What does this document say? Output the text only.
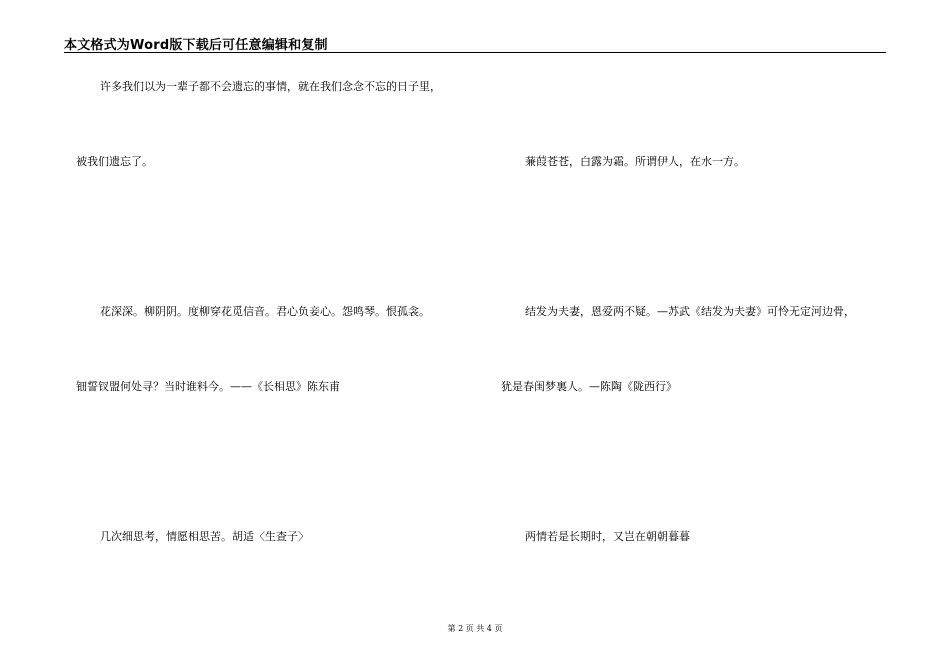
本文格式为Word版下载后可任意编辑和复制
许多我们以为一辈子都不会遗忘的事情，就在我们念念不忘的日子里，
被我们遗忘了。	蒹葭苍苍，白露为霜。所谓伊人，在水一方。
花深深。柳阴阴。度柳穿花觅信音。君心负妾心。怨鸣琴。恨孤衾。	结发为夫妻，恩爱两不疑。—苏武《结发为夫妻》可怜无定河边骨，
钿誓钗盟何处寻？当时谁料今。——《长相思》陈东甫	犹是春闺梦裏人。—陈陶《陇西行》
几次细思考，情愿相思苦。胡适〈生查子〉	两情若是长期时，又岂在朝朝暮暮
第 2 页 共 4 页
